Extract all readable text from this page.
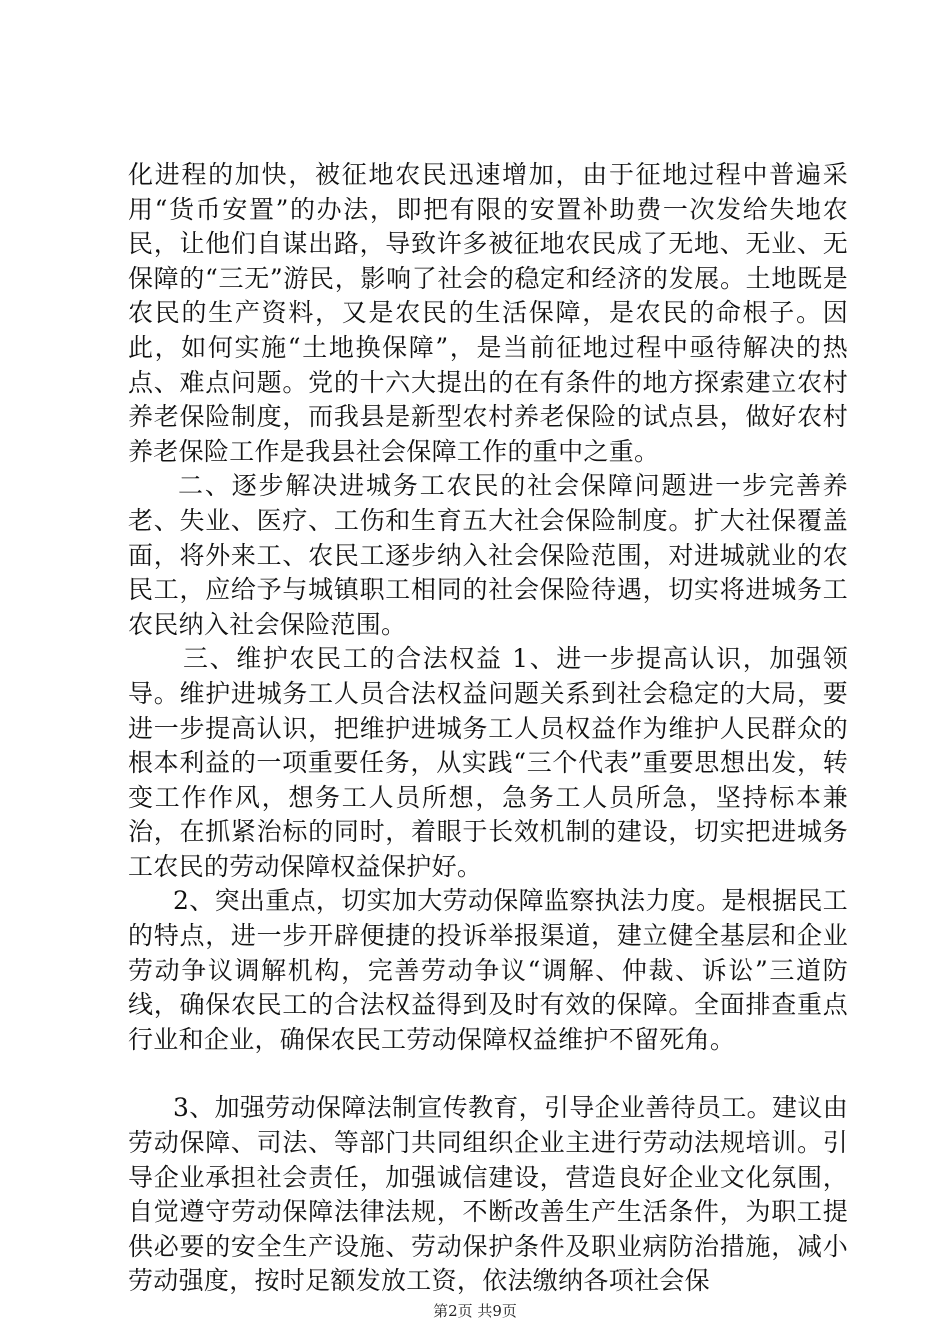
化进程的加快，被征地农民迅速增加，由于征地过程中普遍采用“货币安置”的办法，即把有限的安置补助费一次发给失地农民，让他们自谋出路，导致许多被征地农民成了无地、无业、无保障的“三无”游民，影响了社会的稳定和经济的发展。土地既是农民的生产资料，又是农民的生活保障，是农民的命根子。因此，如何实施“土地换保障”，是当前征地过程中亟待解决的热点、难点问题。党的十六大提出的在有条件的地方探索建立农村养老保险制度，而我县是新型农村养老保险的试点县，做好农村养老保险工作是我县社会保障工作的重中之重。

二、逐步解决进城务工农民的社会保障问题进一步完善养老、失业、医疗、工伤和生育五大社会保险制度。扩大社保覆盖面，将外来工、农民工逐步纳入社会保险范围，对进城就业的农民工，应给予与城镇职工相同的社会保险待遇，切实将进城务工农民纳入社会保险范围。

三、维护农民工的合法权益 1、进一步提高认识，加强领导。维护进城务工人员合法权益问题关系到社会稳定的大局，要进一步提高认识，把维护进城务工人员权益作为维护人民群众的根本利益的一项重要任务，从实践“三个代表”重要思想出发，转变工作作风，想务工人员所想，急务工人员所急，坚持标本兼治，在抓紧治标的同时，着眼于长效机制的建设，切实把进城务工农民的劳动保障权益保护好。

2、突出重点，切实加大劳动保障监察执法力度。是根据民工的特点，进一步开辟便捷的投诉举报渠道，建立健全基层和企业劳动争议调解机构，完善劳动争议“调解、仲裁、诉讼”三道防线，确保农民工的合法权益得到及时有效的保障。全面排查重点行业和企业，确保农民工劳动保障权益维护不留死角。

3、加强劳动保障法制宣传教育，引导企业善待员工。建议由劳动保障、司法、等部门共同组织企业主进行劳动法规培训。引导企业承担社会责任，加强诚信建设，营造良好企业文化氛围，自觉遵守劳动保障法律法规，不断改善生产生活条件，为职工提供必要的安全生产设施、劳动保护条件及职业病防治措施，减小劳动强度，按时足额发放工资，依法缴纳各项社会保

第2页 共9页
